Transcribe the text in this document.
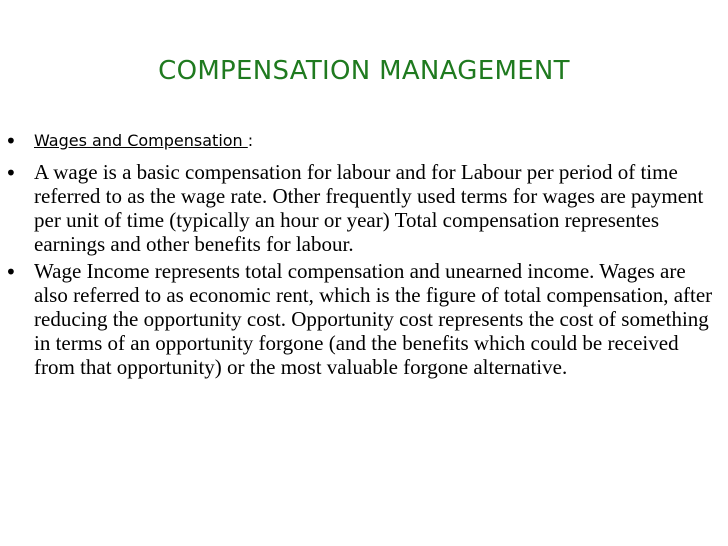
COMPENSATION MANAGEMENT
• Wages and Compensation :
• A wage is a basic compensation for labour and for Labour per period of time referred to as the wage rate. Other frequently used terms for wages are payment per unit of time (typically an hour or year) Total compensation representes earnings and other benefits for labour.
• Wage Income represents total compensation and unearned income. Wages are also referred to as economic rent, which is the figure of total compensation, after reducing the opportunity cost. Opportunity cost represents the cost of something in terms of an opportunity forgone (and the benefits which could be received from that opportunity) or the most valuable forgone alternative.
